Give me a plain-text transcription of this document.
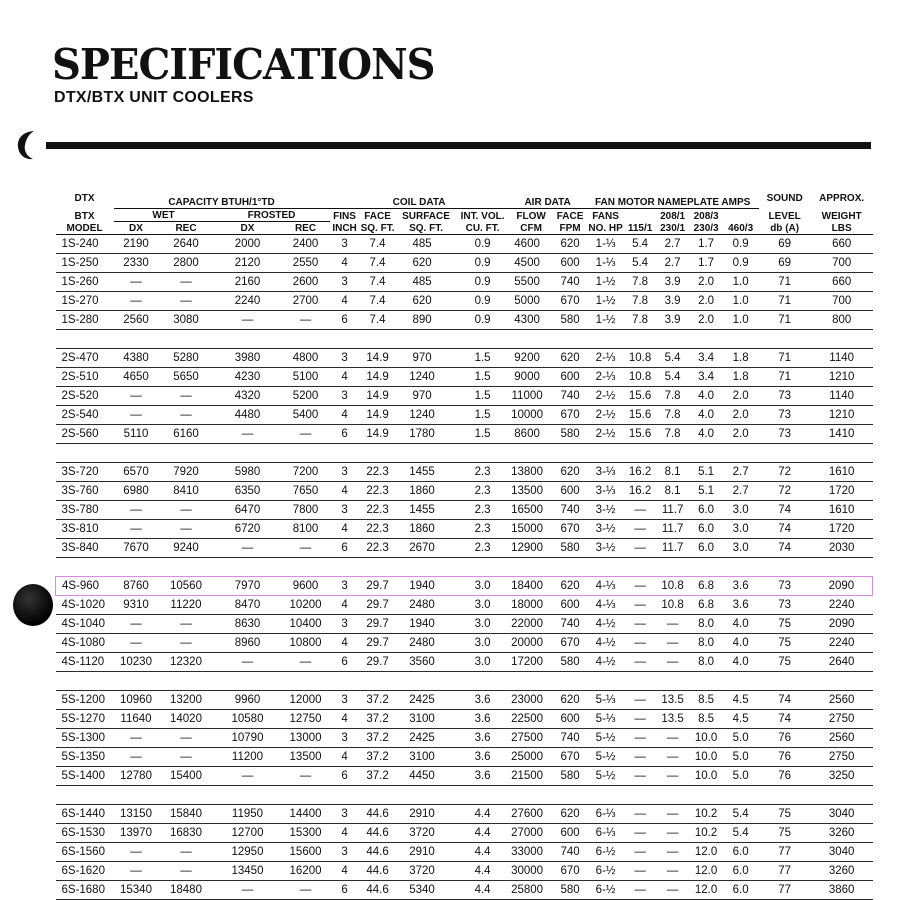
SPECIFICATIONS
DTX/BTX UNIT COOLERS
DTX	CAPACITY BTUH/1°TD				COIL DATA				AIR DATA		FAN MOTOR NAMEPLATE AMPS					SOUND	APPROX.
BTX	WET		FROSTED		FINS	FACE	SURFACE	INT. VOL.	FLOW	FACE	FANS		208/1	208/3		LEVEL	WEIGHT
MODEL	DX	REC	DX	REC	INCH	SQ. FT.	SQ. FT.	CU. FT.	CFM	FPM	NO. HP	115/1	230/1	230/3	460/3	db (A)	LBS
1S-240	2190	2640	2000	2400	3	7.4	485	0.9	4600	620	1-⅓	5.4	2.7	1.7	0.9	69	660
1S-250	2330	2800	2120	2550	4	7.4	620	0.9	4500	600	1-⅓	5.4	2.7	1.7	0.9	69	700
1S-260	—	—	2160	2600	3	7.4	485	0.9	5500	740	1-½	7.8	3.9	2.0	1.0	71	660
1S-270	—	—	2240	2700	4	7.4	620	0.9	5000	670	1-½	7.8	3.9	2.0	1.0	71	700
1S-280	2560	3080	—	—	6	7.4	890	0.9	4300	580	1-½	7.8	3.9	2.0	1.0	71	800

2S-470	4380	5280	3980	4800	3	14.9	970	1.5	9200	620	2-⅓	10.8	5.4	3.4	1.8	71	1140
2S-510	4650	5650	4230	5100	4	14.9	1240	1.5	9000	600	2-⅓	10.8	5.4	3.4	1.8	71	1210
2S-520	—	—	4320	5200	3	14.9	970	1.5	11000	740	2-½	15.6	7.8	4.0	2.0	73	1140
2S-540	—	—	4480	5400	4	14.9	1240	1.5	10000	670	2-½	15.6	7.8	4.0	2.0	73	1210
2S-560	5110	6160	—	—	6	14.9	1780	1.5	8600	580	2-½	15.6	7.8	4.0	2.0	73	1410

3S-720	6570	7920	5980	7200	3	22.3	1455	2.3	13800	620	3-⅓	16.2	8.1	5.1	2.7	72	1610
3S-760	6980	8410	6350	7650	4	22.3	1860	2.3	13500	600	3-⅓	16.2	8.1	5.1	2.7	72	1720
3S-780	—	—	6470	7800	3	22.3	1455	2.3	16500	740	3-½	—	11.7	6.0	3.0	74	1610
3S-810	—	—	6720	8100	4	22.3	1860	2.3	15000	670	3-½	—	11.7	6.0	3.0	74	1720
3S-840	7670	9240	—	—	6	22.3	2670	2.3	12900	580	3-½	—	11.7	6.0	3.0	74	2030

4S-960	8760	10560	7970	9600	3	29.7	1940	3.0	18400	620	4-⅓	—	10.8	6.8	3.6	73	2090
4S-1020	9310	11220	8470	10200	4	29.7	2480	3.0	18000	600	4-⅓	—	10.8	6.8	3.6	73	2240
4S-1040	—	—	8630	10400	3	29.7	1940	3.0	22000	740	4-½	—	—	8.0	4.0	75	2090
4S-1080	—	—	8960	10800	4	29.7	2480	3.0	20000	670	4-½	—	—	8.0	4.0	75	2240
4S-1120	10230	12320	—	—	6	29.7	3560	3.0	17200	580	4-½	—	—	8.0	4.0	75	2640

5S-1200	10960	13200	9960	12000	3	37.2	2425	3.6	23000	620	5-⅓	—	13.5	8.5	4.5	74	2560
5S-1270	11640	14020	10580	12750	4	37.2	3100	3.6	22500	600	5-⅓	—	13.5	8.5	4.5	74	2750
5S-1300	—	—	10790	13000	3	37.2	2425	3.6	27500	740	5-½	—	—	10.0	5.0	76	2560
5S-1350	—	—	11200	13500	4	37.2	3100	3.6	25000	670	5-½	—	—	10.0	5.0	76	2750
5S-1400	12780	15400	—	—	6	37.2	4450	3.6	21500	580	5-½	—	—	10.0	5.0	76	3250

6S-1440	13150	15840	11950	14400	3	44.6	2910	4.4	27600	620	6-⅓	—	—	10.2	5.4	75	3040
6S-1530	13970	16830	12700	15300	4	44.6	3720	4.4	27000	600	6-⅓	—	—	10.2	5.4	75	3260
6S-1560	—	—	12950	15600	3	44.6	2910	4.4	33000	740	6-½	—	—	12.0	6.0	77	3040
6S-1620	—	—	13450	16200	4	44.6	3720	4.4	30000	670	6-½	—	—	12.0	6.0	77	3260
6S-1680	15340	18480	—	—	6	44.6	5340	4.4	25800	580	6-½	—	—	12.0	6.0	77	3860
